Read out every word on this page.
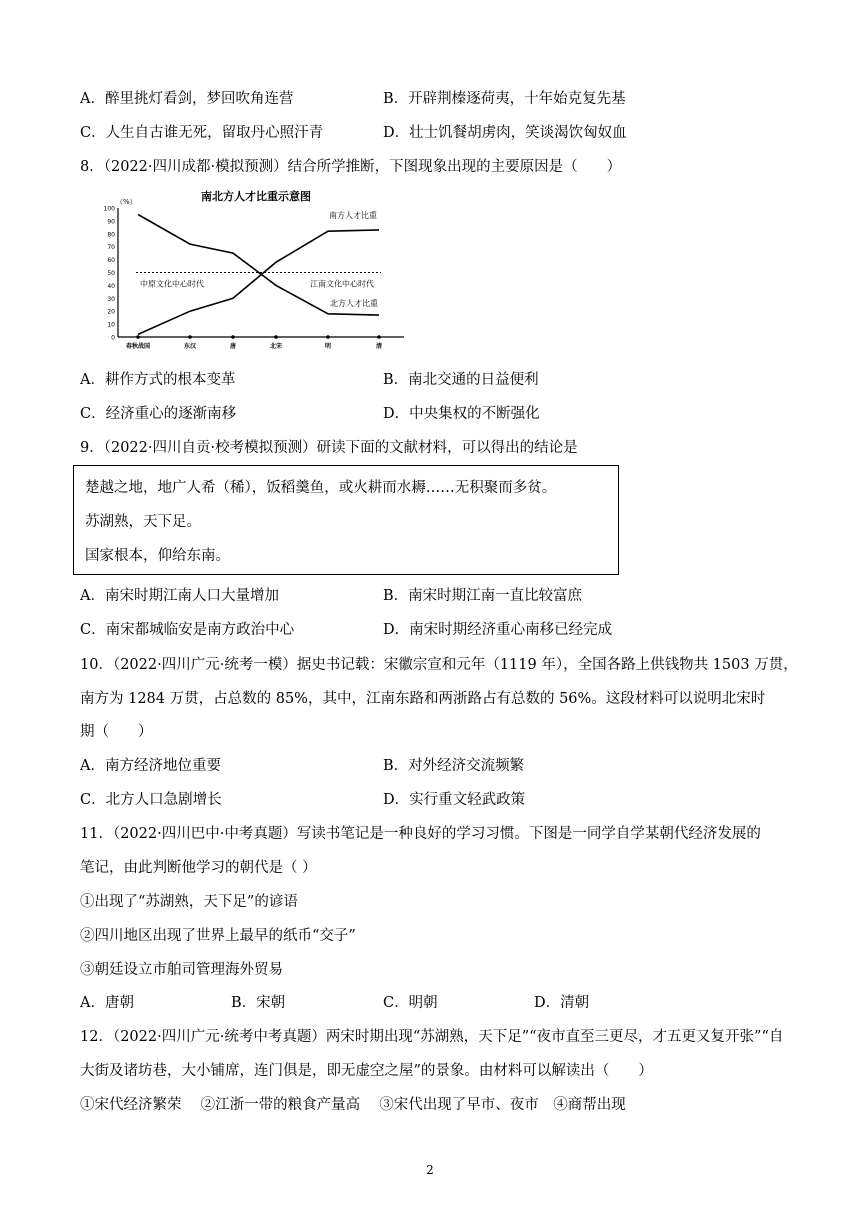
A．醉里挑灯看剑，梦回吹角连营	B．开辟荆榛逐荷夷，十年始克复先基
C．人生自古谁无死，留取丹心照汗青	D．壮士饥餐胡虏肉，笑谈渴饮匈奴血
8．（2022·四川成都·模拟预测）结合所学推断，下图现象出现的主要原因是（　　）
南北方人才比重示意图
（%）
0
10
20
30
40
50
60
70
80
90
100
春秋战国	东汉	唐	北宋	明	清
南方人才比重
北方人才比重
中原文化中心时代	江南文化中心时代
A．耕作方式的根本变革	B．南北交通的日益便利
C．经济重心的逐渐南移	D．中央集权的不断强化
9．（2022·四川自贡·校考模拟预测）研读下面的文献材料，可以得出的结论是
楚越之地，地广人希（稀），饭稻羹鱼，或火耕而水耨……无积聚而多贫。
苏湖熟，天下足。
国家根本，仰给东南。
A．南宋时期江南人口大量增加	B．南宋时期江南一直比较富庶
C．南宋都城临安是南方政治中心	D．南宋时期经济重心南移已经完成
10．（2022·四川广元·统考一模）据史书记载：宋徽宗宣和元年（1119 年），全国各路上供钱物共 1503 万贯，
南方为 1284 万贯，占总数的 85%，其中，江南东路和两浙路占有总数的 56%。这段材料可以说明北宋时
期（　　）
A．南方经济地位重要	B．对外经济交流频繁
C．北方人口急剧增长	D．实行重文轻武政策
11．（2022·四川巴中·中考真题）写读书笔记是一种良好的学习习惯。下图是一同学自学某朝代经济发展的
笔记，由此判断他学习的朝代是（ ）
①出现了“苏湖熟，天下足”的谚语
②四川地区出现了世界上最早的纸币“交子”
③朝廷设立市舶司管理海外贸易
A．唐朝	B．宋朝	C．明朝	D．清朝
12．（2022·四川广元·统考中考真题）两宋时期出现“苏湖熟，天下足”“夜市直至三更尽，才五更又复开张”“自
大街及诸坊巷，大小铺席，连门俱是，即无虚空之屋”的景象。由材料可以解读出（　　）
①宋代经济繁荣　 ②江浙一带的粮食产量高　 ③宋代出现了早市、夜市　④商帮出现
2
